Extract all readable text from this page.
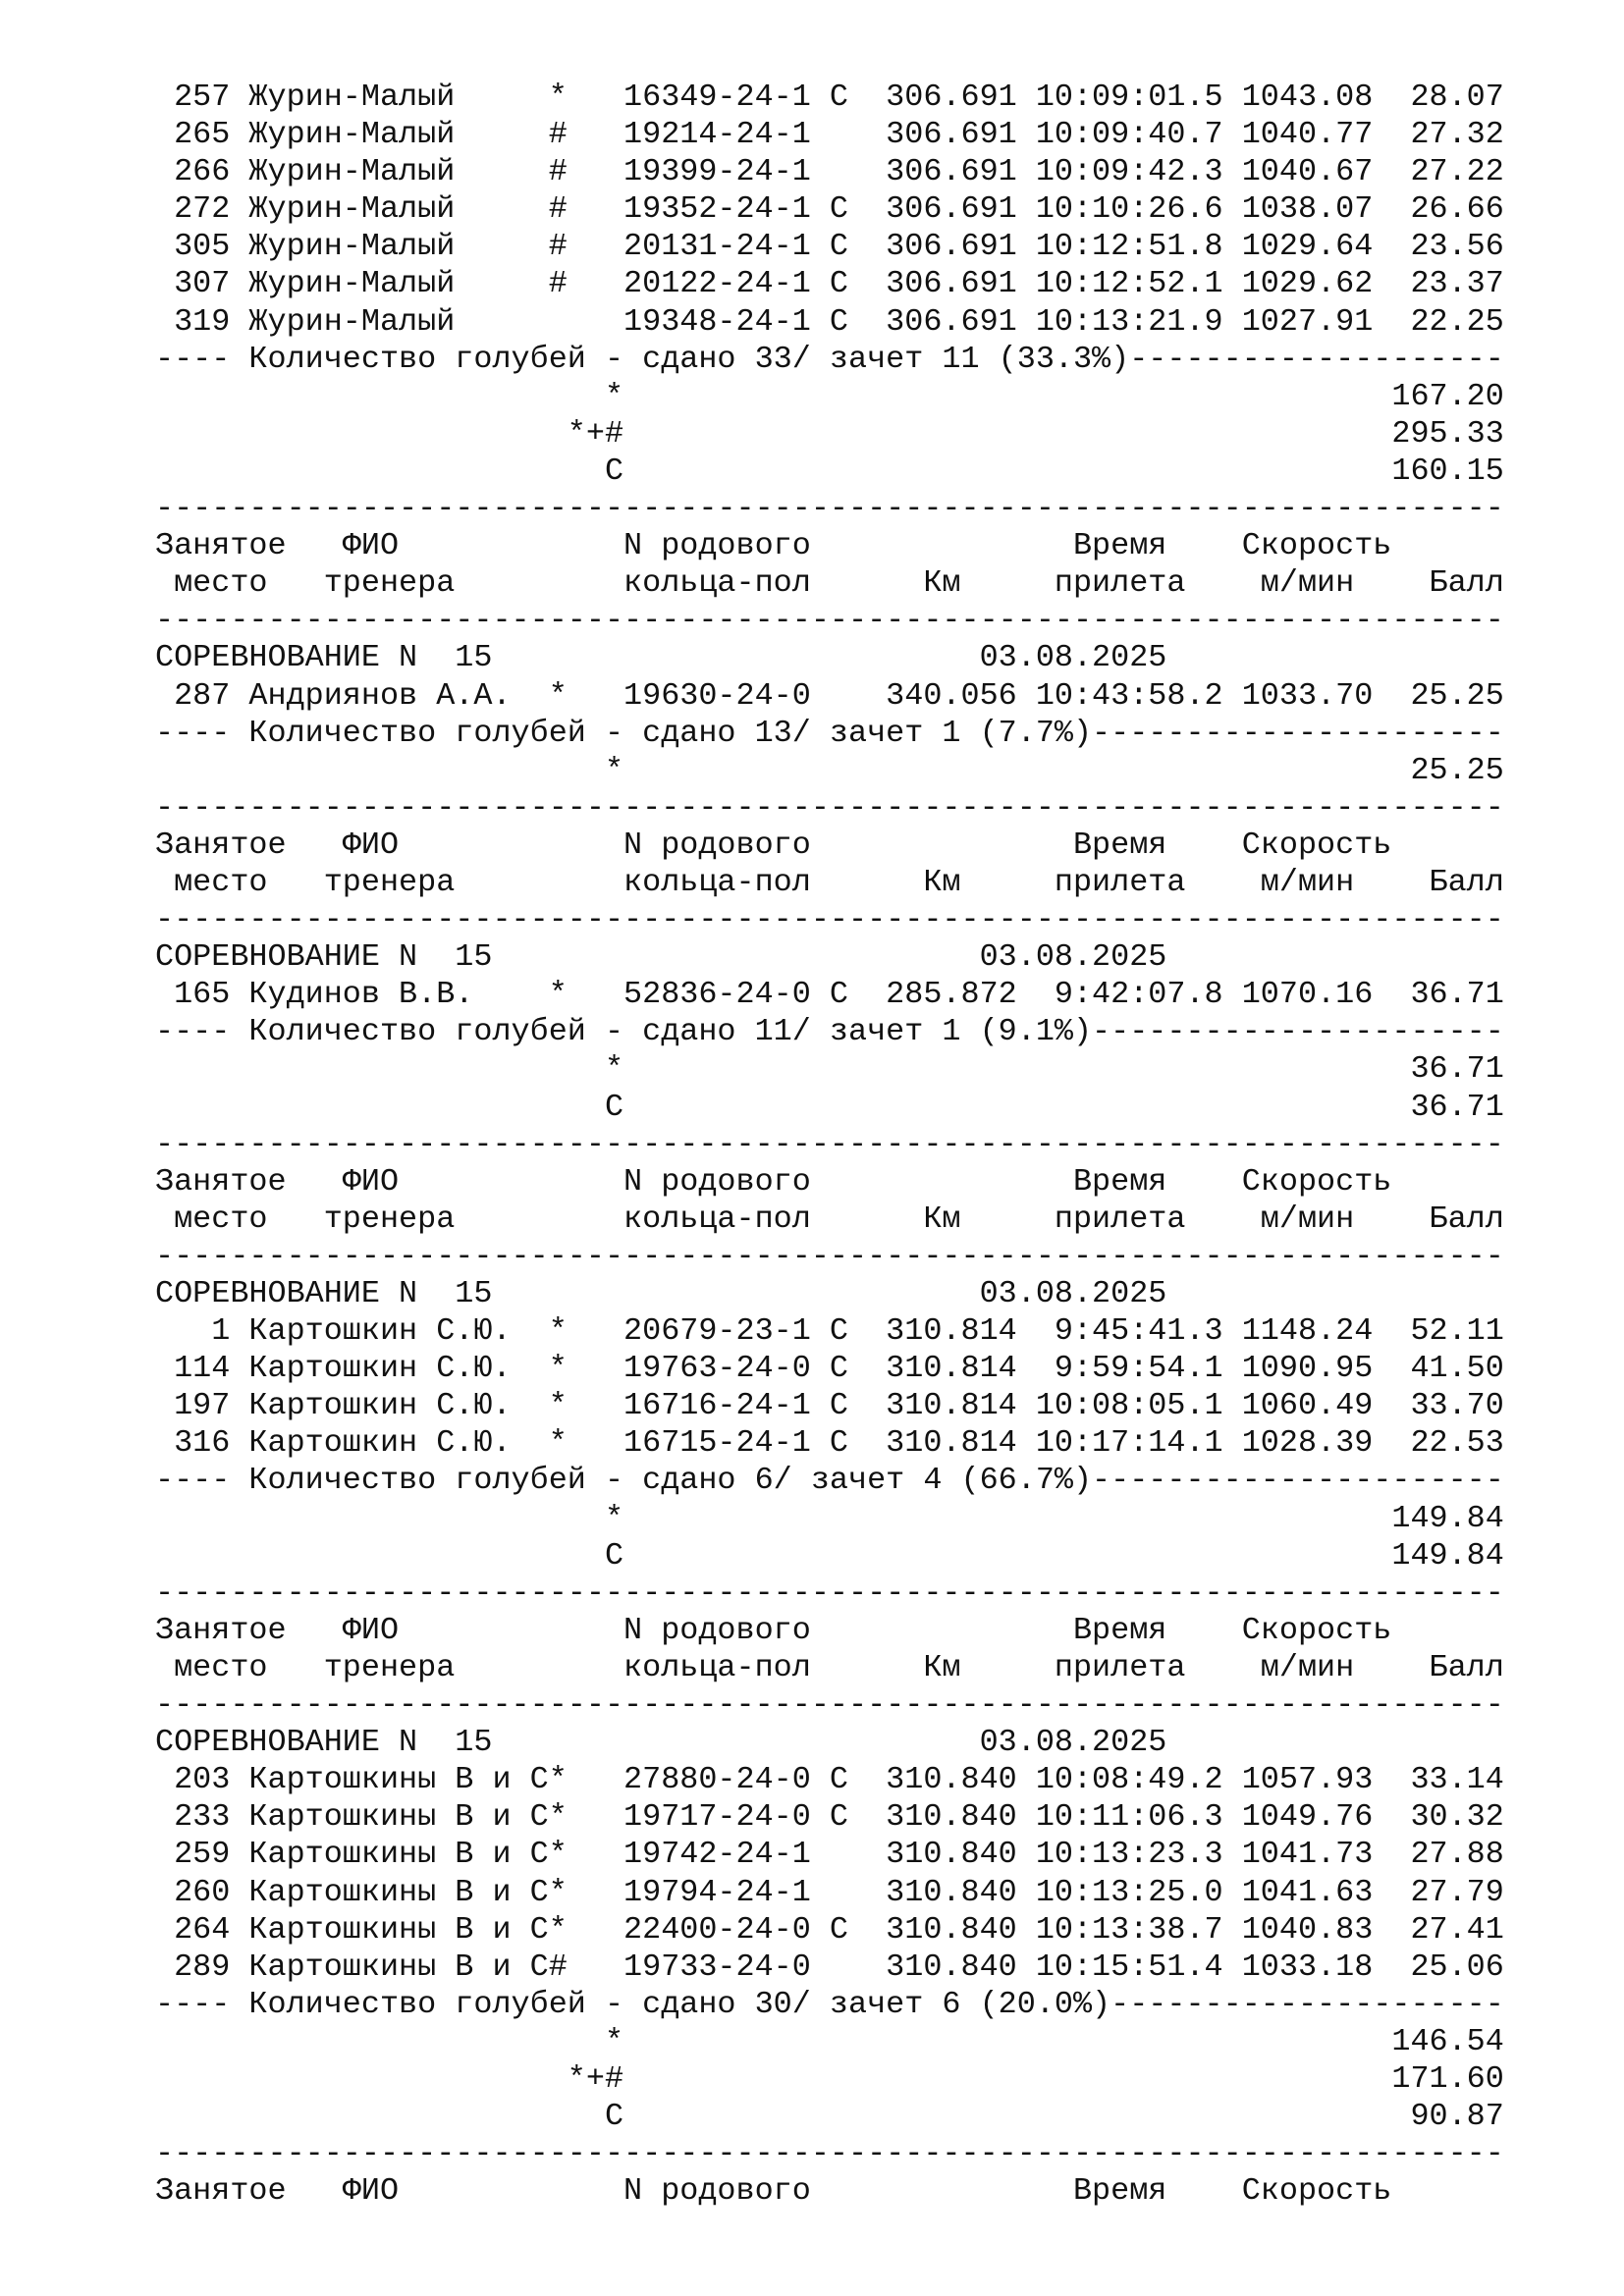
257 Журин-Малый     *   16349-24-1 С  306.691 10:09:01.5 1043.08  28.07
265 Журин-Малый     #   19214-24-1    306.691 10:09:40.7 1040.77  27.32
266 Журин-Малый     #   19399-24-1    306.691 10:09:42.3 1040.67  27.22
272 Журин-Малый     #   19352-24-1 С  306.691 10:10:26.6 1038.07  26.66
305 Журин-Малый     #   20131-24-1 С  306.691 10:12:51.8 1029.64  23.56
307 Журин-Малый     #   20122-24-1 С  306.691 10:12:52.1 1029.62  23.37
319 Журин-Малый         19348-24-1 С  306.691 10:13:21.9 1027.91  22.25
---- Количество голубей - сдано 33/ зачет 11 (33.3%)--------------------
*                                         167.20
*+#                                         295.33
С                                         160.15
------------------------------------------------------------------------
Занятое   ФИО            N родового              Время    Скорость
место   тренера         кольца-пол      Км     прилета    м/мин    Балл
------------------------------------------------------------------------
СОРЕВНОВАНИЕ N  15                          03.08.2025
287 Андриянов А.А.  *   19630-24-0    340.056 10:43:58.2 1033.70  25.25
---- Количество голубей - сдано 13/ зачет 1 (7.7%)----------------------
*                                          25.25
------------------------------------------------------------------------
Занятое   ФИО            N родового              Время    Скорость
место   тренера         кольца-пол      Км     прилета    м/мин    Балл
------------------------------------------------------------------------
СОРЕВНОВАНИЕ N  15                          03.08.2025
165 Кудинов В.В.    *   52836-24-0 С  285.872  9:42:07.8 1070.16  36.71
---- Количество голубей - сдано 11/ зачет 1 (9.1%)----------------------
*                                          36.71
С                                          36.71
------------------------------------------------------------------------
Занятое   ФИО            N родового              Время    Скорость
место   тренера         кольца-пол      Км     прилета    м/мин    Балл
------------------------------------------------------------------------
СОРЕВНОВАНИЕ N  15                          03.08.2025
1 Картошкин С.Ю.  *   20679-23-1 С  310.814  9:45:41.3 1148.24  52.11
114 Картошкин С.Ю.  *   19763-24-0 С  310.814  9:59:54.1 1090.95  41.50
197 Картошкин С.Ю.  *   16716-24-1 С  310.814 10:08:05.1 1060.49  33.70
316 Картошкин С.Ю.  *   16715-24-1 С  310.814 10:17:14.1 1028.39  22.53
---- Количество голубей - сдано 6/ зачет 4 (66.7%)----------------------
*                                         149.84
С                                         149.84
------------------------------------------------------------------------
Занятое   ФИО            N родового              Время    Скорость
место   тренера         кольца-пол      Км     прилета    м/мин    Балл
------------------------------------------------------------------------
СОРЕВНОВАНИЕ N  15                          03.08.2025
203 Картошкины В и С*   27880-24-0 С  310.840 10:08:49.2 1057.93  33.14
233 Картошкины В и С*   19717-24-0 С  310.840 10:11:06.3 1049.76  30.32
259 Картошкины В и С*   19742-24-1    310.840 10:13:23.3 1041.73  27.88
260 Картошкины В и С*   19794-24-1    310.840 10:13:25.0 1041.63  27.79
264 Картошкины В и С*   22400-24-0 С  310.840 10:13:38.7 1040.83  27.41
289 Картошкины В и С#   19733-24-0    310.840 10:15:51.4 1033.18  25.06
---- Количество голубей - сдано 30/ зачет 6 (20.0%)---------------------
*                                         146.54
*+#                                         171.60
С                                          90.87
------------------------------------------------------------------------
Занятое   ФИО            N родового              Время    Скорость
